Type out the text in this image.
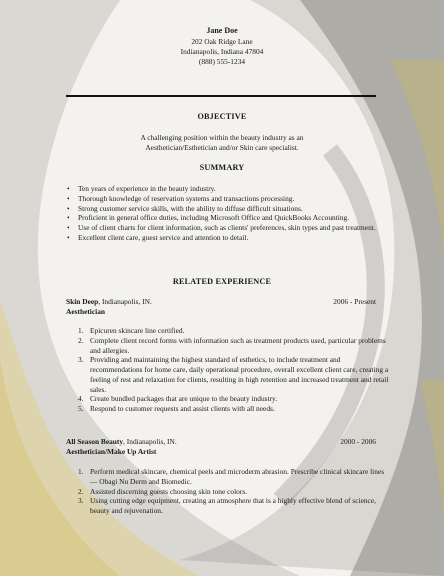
Jane Doe
202 Oak Ridge Lane
Indianapolis, Indiana 47804
(888) 555-1234
OBJECTIVE
A challenging position within the beauty industry as an
Aesthetician/Esthetician and/or Skin care specialist.
SUMMARY
• Ten years of experience in the beauty industry.
• Thorough knowledge of reservation systems and transactions processing.
• Strong customer service skills, with the ability to diffuse difficult situations.
• Proficient in general office duties, including Microsoft Office and QuickBooks Accounting.
• Use of client charts for client information, such as clients' preferences, skin types and past treatment.
• Excellent client care, guest service and attention to detail.
RELATED EXPERIENCE
Skin Deep, Indianapolis, IN.	2006 - Present
Aesthetician
Epicuren skincare line certified.
Complete client record forms with information such as treatment products used, particular problems and allergies.
Providing and maintaining the highest standard of esthetics, to include treatment and recommendations for home care, daily operational procedure, overall excellent client care, creating a feeling of rest and relaxation for clients, resulting in high retention and increased treatment and retail sales.
Create bundled packages that are unique to the beauty industry.
Respond to customer requests and assist clients with all needs.
All Season Beauty, Indianapolis, IN.	2000 - 2006
Aesthetician/Make Up Artist
Perform medical skincare, chemical peels and microderm abrasion. Prescribe clinical skincare lines — Obagi Nu Derm and Biomedic.
Assisted discerning guests choosing skin tone colors.
Using cutting edge equipment, creating an atmosphere that is a highly effective blend of science, beauty and rejuvenation.
